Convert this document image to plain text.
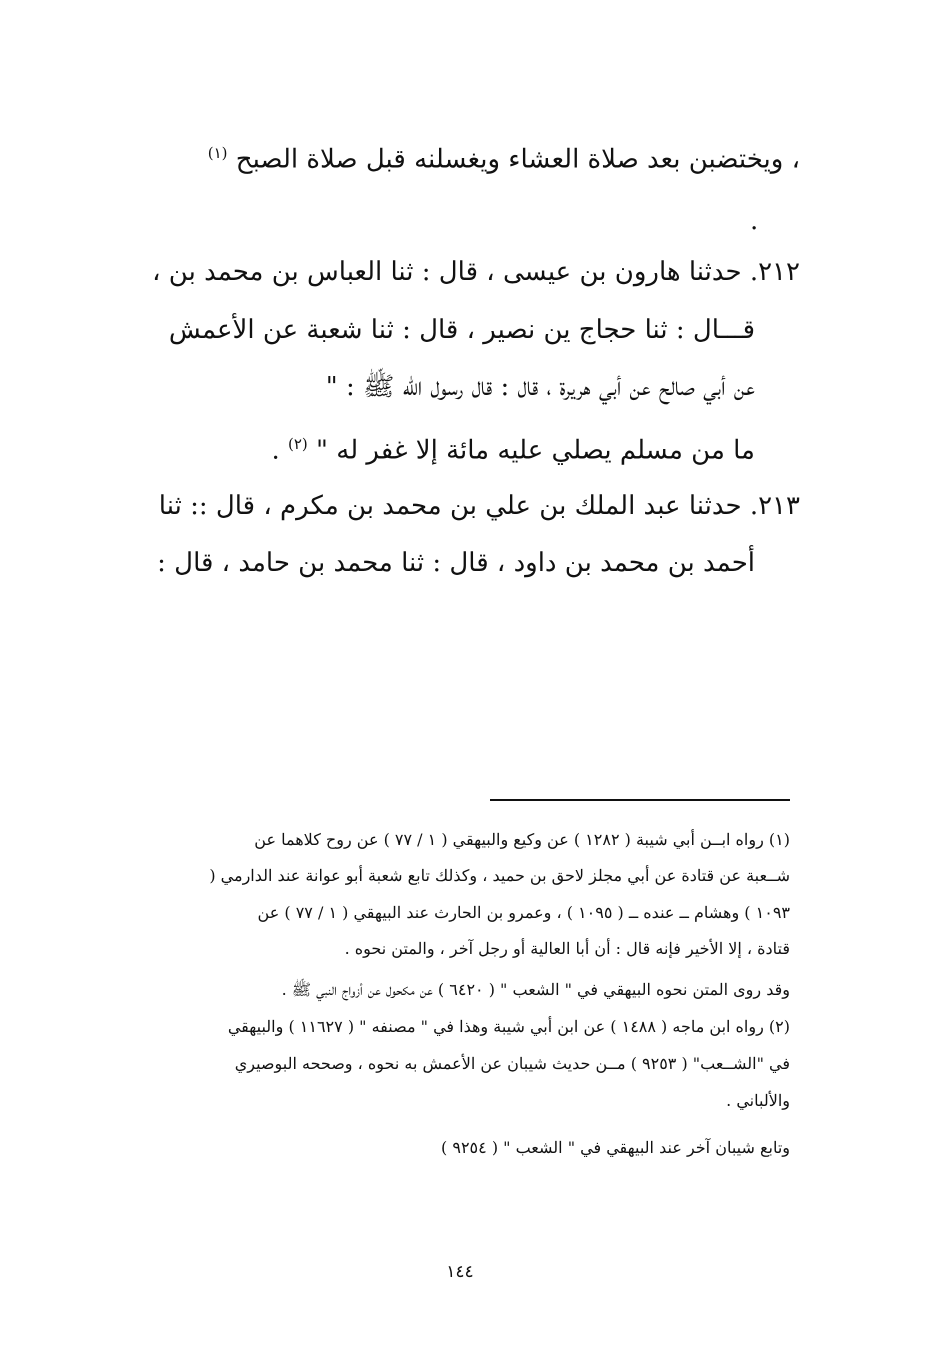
، ويختضبن بعد صلاة العشاء ويغسلنه قبل صلاة الصبح $^{(١)}$
.
٢١٢. حدثنا هارون بن عيسى ، قال : ثنا العباس بن محمد بن ،
قـــال : ثنا حجاج ين نصير ، قال : ثنا شعبة عن الأعمش
عن أبي صالح عن أبي هريرة ، قال : قال رسول الله ﷺ : "
ما من مسلم يصلي عليه مائة إلا غفر له " $^{(٢)}$ .
٢١٣. حدثنا عبد الملك بن علي بن محمد بن مكرم ، قال :: ثنا
أحمد بن محمد بن داود ، قال : ثنا محمد بن حامد ، قال :
(١) رواه ابــن أبي شيبة ( ١٢٨٢ ) عن وكيع والبيهقي ( ١ / ٧٧ ) عن روح كلاهما عن
شــعبة عن قتادة عن أبي مجلز لاحق بن حميد ، وكذلك تابع شعبة أبو عوانة عند الدارمي (
١٠٩٣ ) وهشام ــ عنده ــ ( ١٠٩٥ ) ، وعمرو بن الحارث عند البيهقي ( ١ / ٧٧ ) عن
قتادة ، إلا الأخير فإنه قال : أن أبا العالية أو رجل آخر ، والمتن نحوه .
وقد روى المتن نحوه البيهقي في " الشعب " ( ٦٤٢٠ ) عن مكحول عن أزواج النبي ﷺ .
(٢) رواه ابن ماجه ( ١٤٨٨ ) عن ابن أبي شيبة وهذا في " مصنفه " ( ١١٦٢٧ ) والبيهقي
في "الشــعب" ( ٩٢٥٣ ) مــن حديث شيبان عن الأعمش به نحوه ، وصححه البوصيري
والألباني .
وتابع شيبان آخر عند البيهقي في " الشعب " ( ٩٢٥٤ )
١٤٤
